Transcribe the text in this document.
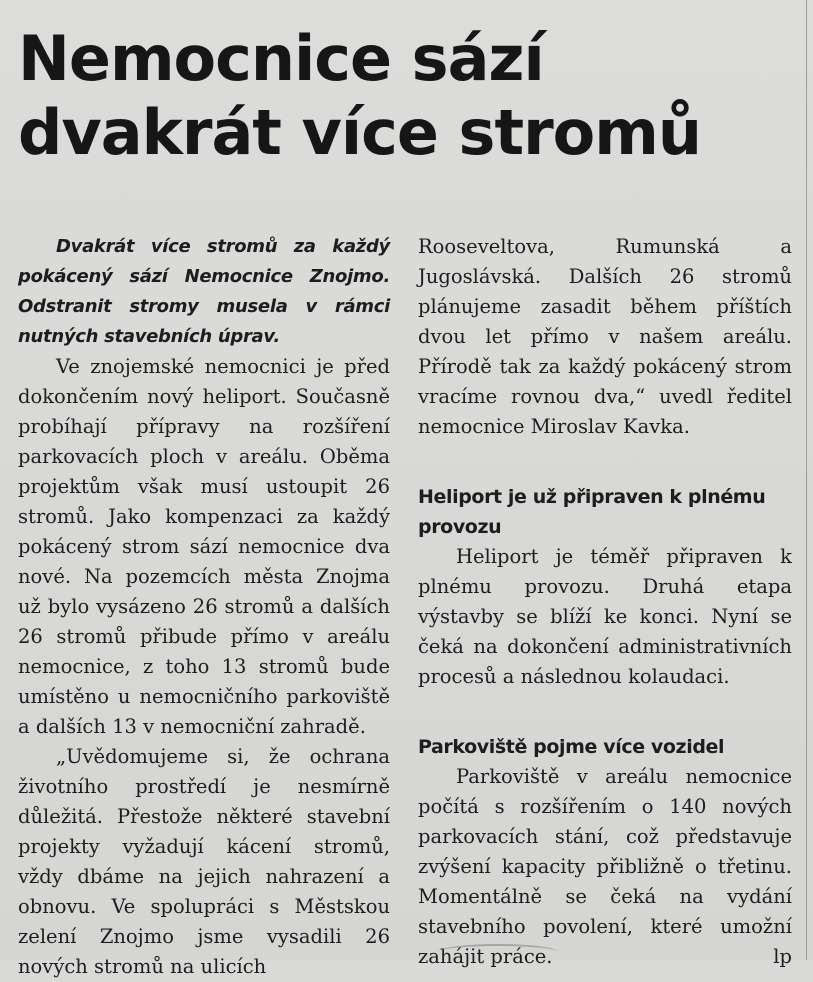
Nemocnice sází
dvakrát více stromů

Dvakrát více stromů za každý pokácený sází Nemocnice Znojmo. Odstranit stromy musela v rámci nutných stavebních úprav.

Ve znojemské nemocnici je před dokončením nový heliport. Současně probíhají přípravy na rozšíření parkovacích ploch v areálu. Oběma projektům však musí ustoupit 26 stromů. Jako kompenzaci za každý pokácený strom sází nemocnice dva nové. Na pozemcích města Znojma už bylo vysázeno 26 stromů a dalších 26 stromů přibude přímo v areálu nemocnice, z toho 13 stromů bude umístěno u nemocničního parkoviště a dalších 13 v nemocniční zahradě.

„Uvědomujeme si, že ochrana životního prostředí je nesmírně důležitá. Přestože některé stavební projekty vyžadují kácení stromů, vždy dbáme na jejich nahrazení a obnovu. Ve spolupráci s Městskou zelení Znojmo jsme vysadili 26 nových stromů na ulicích

Rooseveltova, Rumunská a Jugoslávská. Dalších 26 stromů plánujeme zasadit během příštích dvou let přímo v našem areálu. Přírodě tak za každý pokácený strom vracíme rovnou dva,“ uvedl ředitel nemocnice Miroslav Kavka.

Heliport je už připraven k plnému provozu

Heliport je téměř připraven k plnému provozu. Druhá etapa výstavby se blíží ke konci. Nyní se čeká na dokončení administrativních procesů a následnou kolaudaci.

Parkoviště pojme více vozidel

Parkoviště v areálu nemocnice počítá s rozšířením o 140 nových parkovacích stání, což představuje zvýšení kapacity přibližně o třetinu. Momentálně se čeká na vydání stavebního povolení, které umožní zahájit práce.	lp
